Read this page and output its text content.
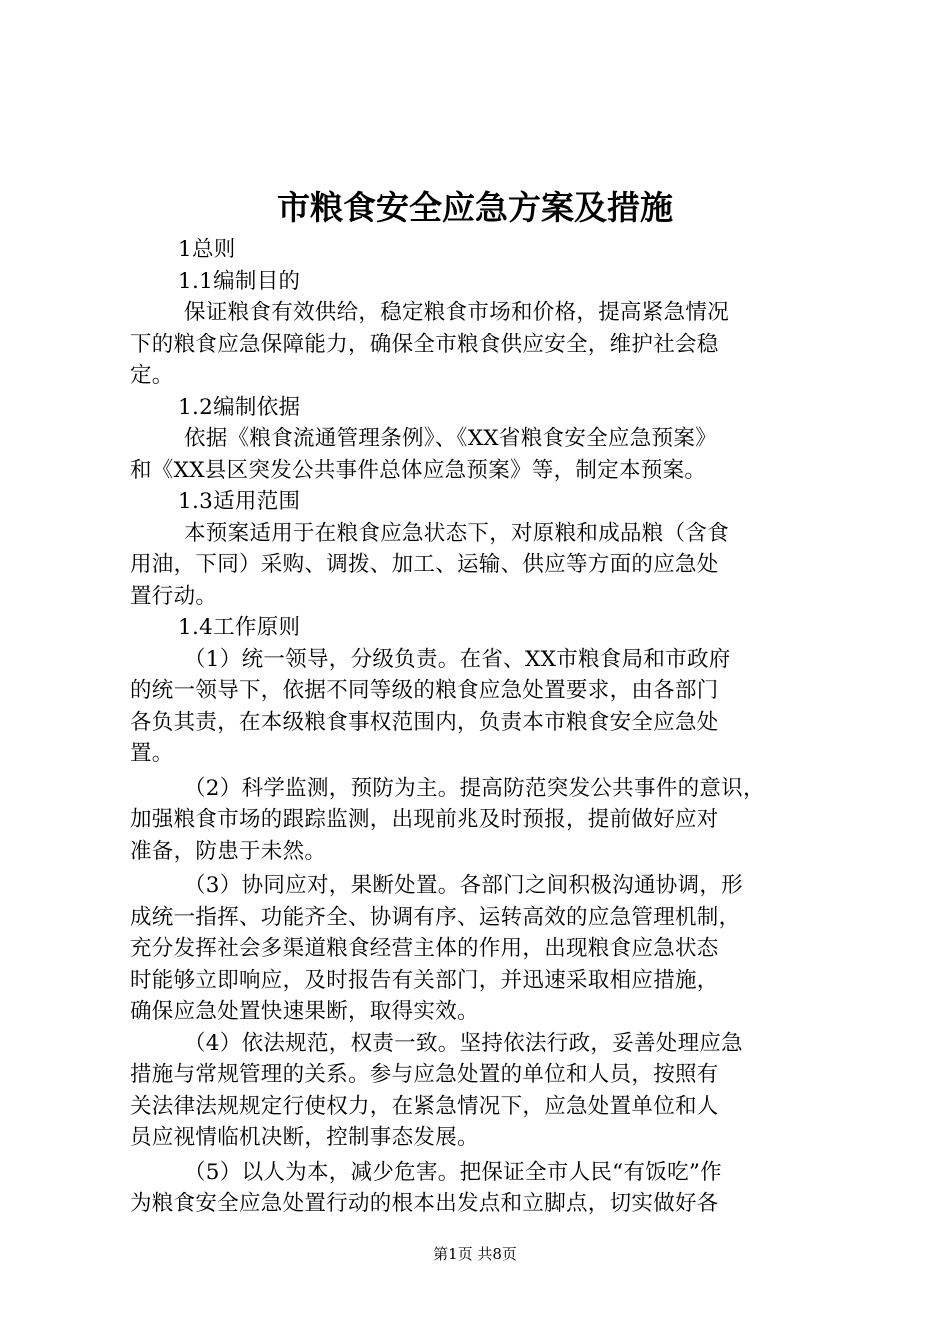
市粮食安全应急方案及措施
1总则
1.1编制目的
保证粮食有效供给，稳定粮食市场和价格，提高紧急情况
下的粮食应急保障能力，确保全市粮食供应安全，维护社会稳
定。
1.2编制依据
依据《粮食流通管理条例》、《XX省粮食安全应急预案》
和《XX县区突发公共事件总体应急预案》等，制定本预案。
1.3适用范围
本预案适用于在粮食应急状态下，对原粮和成品粮（含食
用油，下同）采购、调拨、加工、运输、供应等方面的应急处
置行动。
1.4工作原则
（1）统一领导，分级负责。在省、XX市粮食局和市政府
的统一领导下，依据不同等级的粮食应急处置要求，由各部门
各负其责，在本级粮食事权范围内，负责本市粮食安全应急处
置。
（2）科学监测，预防为主。提高防范突发公共事件的意识，
加强粮食市场的跟踪监测，出现前兆及时预报，提前做好应对
准备，防患于未然。
（3）协同应对，果断处置。各部门之间积极沟通协调，形
成统一指挥、功能齐全、协调有序、运转高效的应急管理机制，
充分发挥社会多渠道粮食经营主体的作用，出现粮食应急状态
时能够立即响应，及时报告有关部门，并迅速采取相应措施，
确保应急处置快速果断，取得实效。
（4）依法规范，权责一致。坚持依法行政，妥善处理应急
措施与常规管理的关系。参与应急处置的单位和人员，按照有
关法律法规规定行使权力，在紧急情况下，应急处置单位和人
员应视情临机决断，控制事态发展。
（5）以人为本，减少危害。把保证全市人民“有饭吃”作
为粮食安全应急处置行动的根本出发点和立脚点，切实做好各
第1页 共8页
